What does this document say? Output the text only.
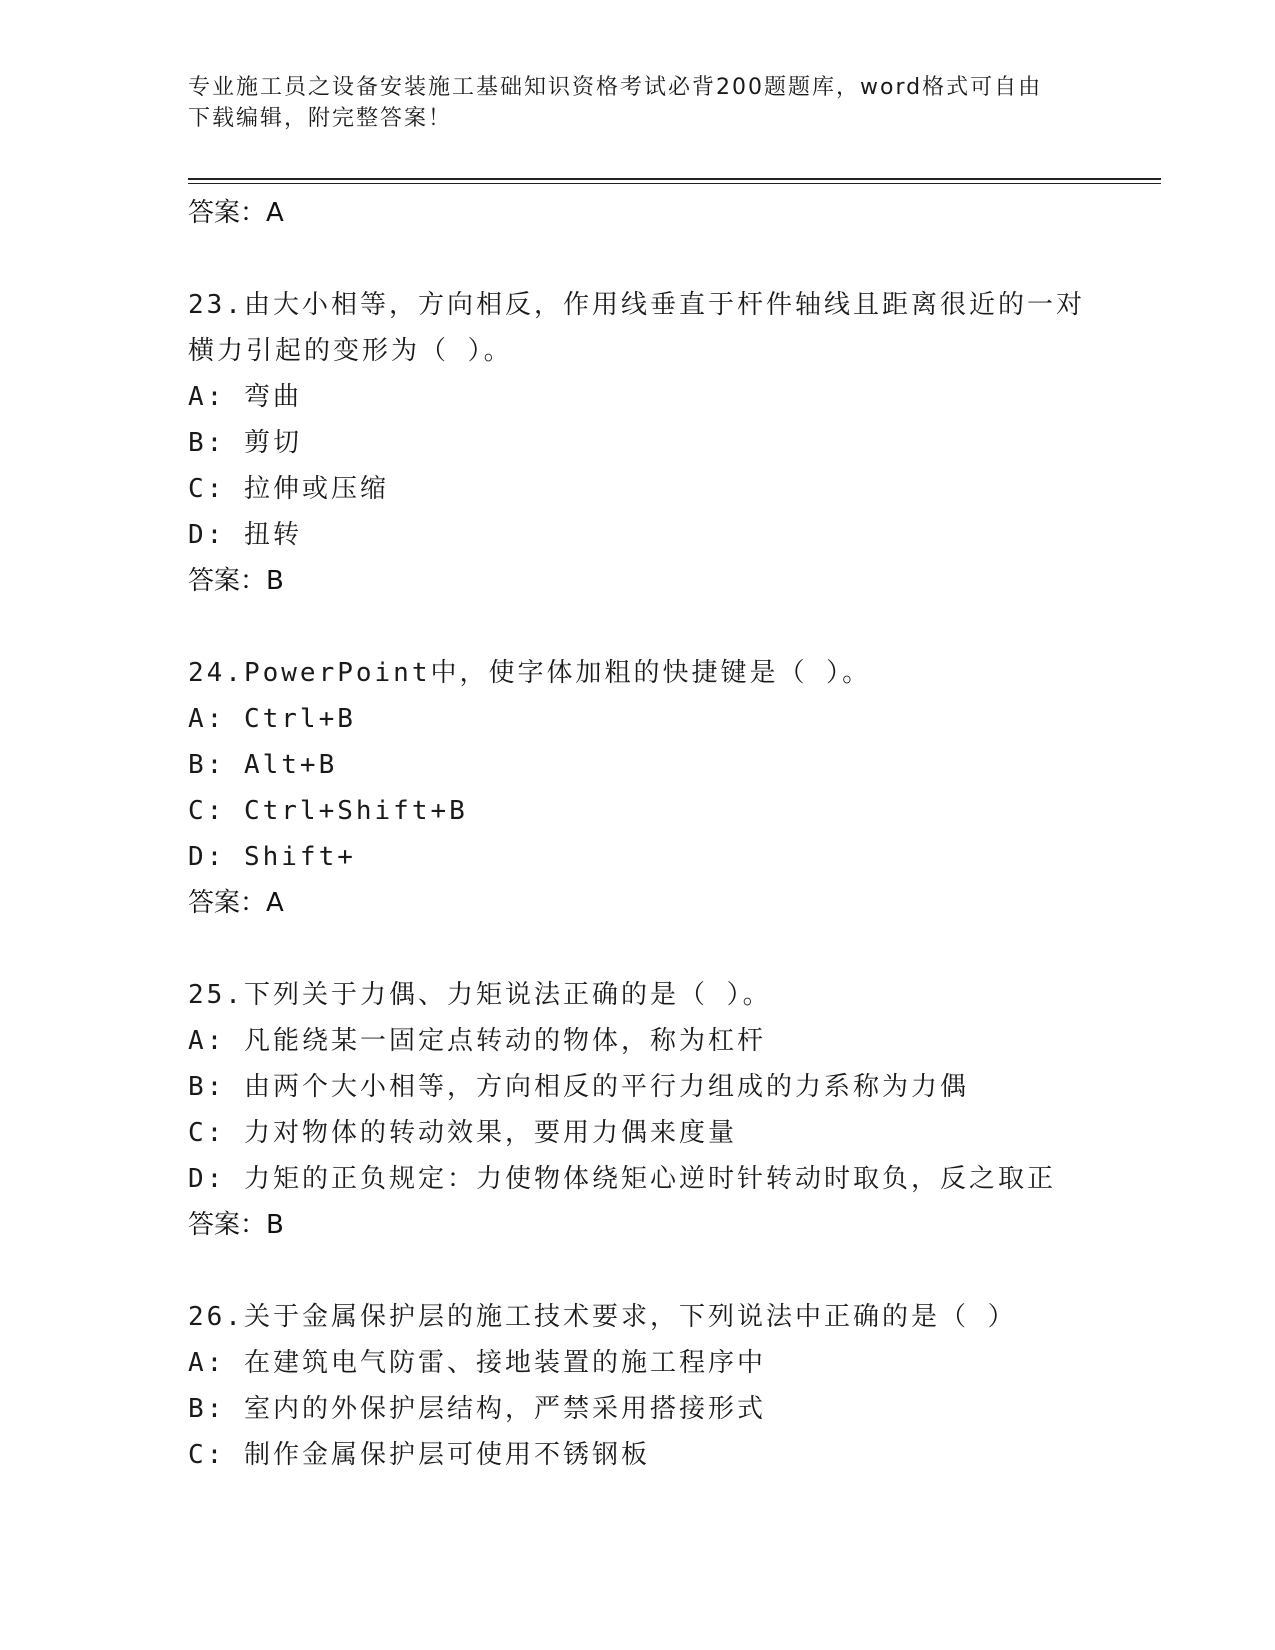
专业施工员之设备安装施工基础知识资格考试必背200题题库，word格式可自由
下载编辑，附完整答案！

答案：A

23.由大小相等，方向相反，作用线垂直于杆件轴线且距离很近的一对
横力引起的变形为（ ）。

A: 弯曲

B: 剪切

C: 拉伸或压缩

D: 扭转

答案：B

24.PowerPoint中，使字体加粗的快捷键是（ ）。

A: Ctrl+B

B: Alt+B

C: Ctrl+Shift+B

D: Shift+

答案：A

25.下列关于力偶、力矩说法正确的是（ ）。

A: 凡能绕某一固定点转动的物体，称为杠杆

B: 由两个大小相等，方向相反的平行力组成的力系称为力偶

C: 力对物体的转动效果，要用力偶来度量

D: 力矩的正负规定：力使物体绕矩心逆时针转动时取负，反之取正

答案：B

26.关于金属保护层的施工技术要求，下列说法中正确的是（ ）

A: 在建筑电气防雷、接地装置的施工程序中

B: 室内的外保护层结构，严禁采用搭接形式

C: 制作金属保护层可使用不锈钢板
